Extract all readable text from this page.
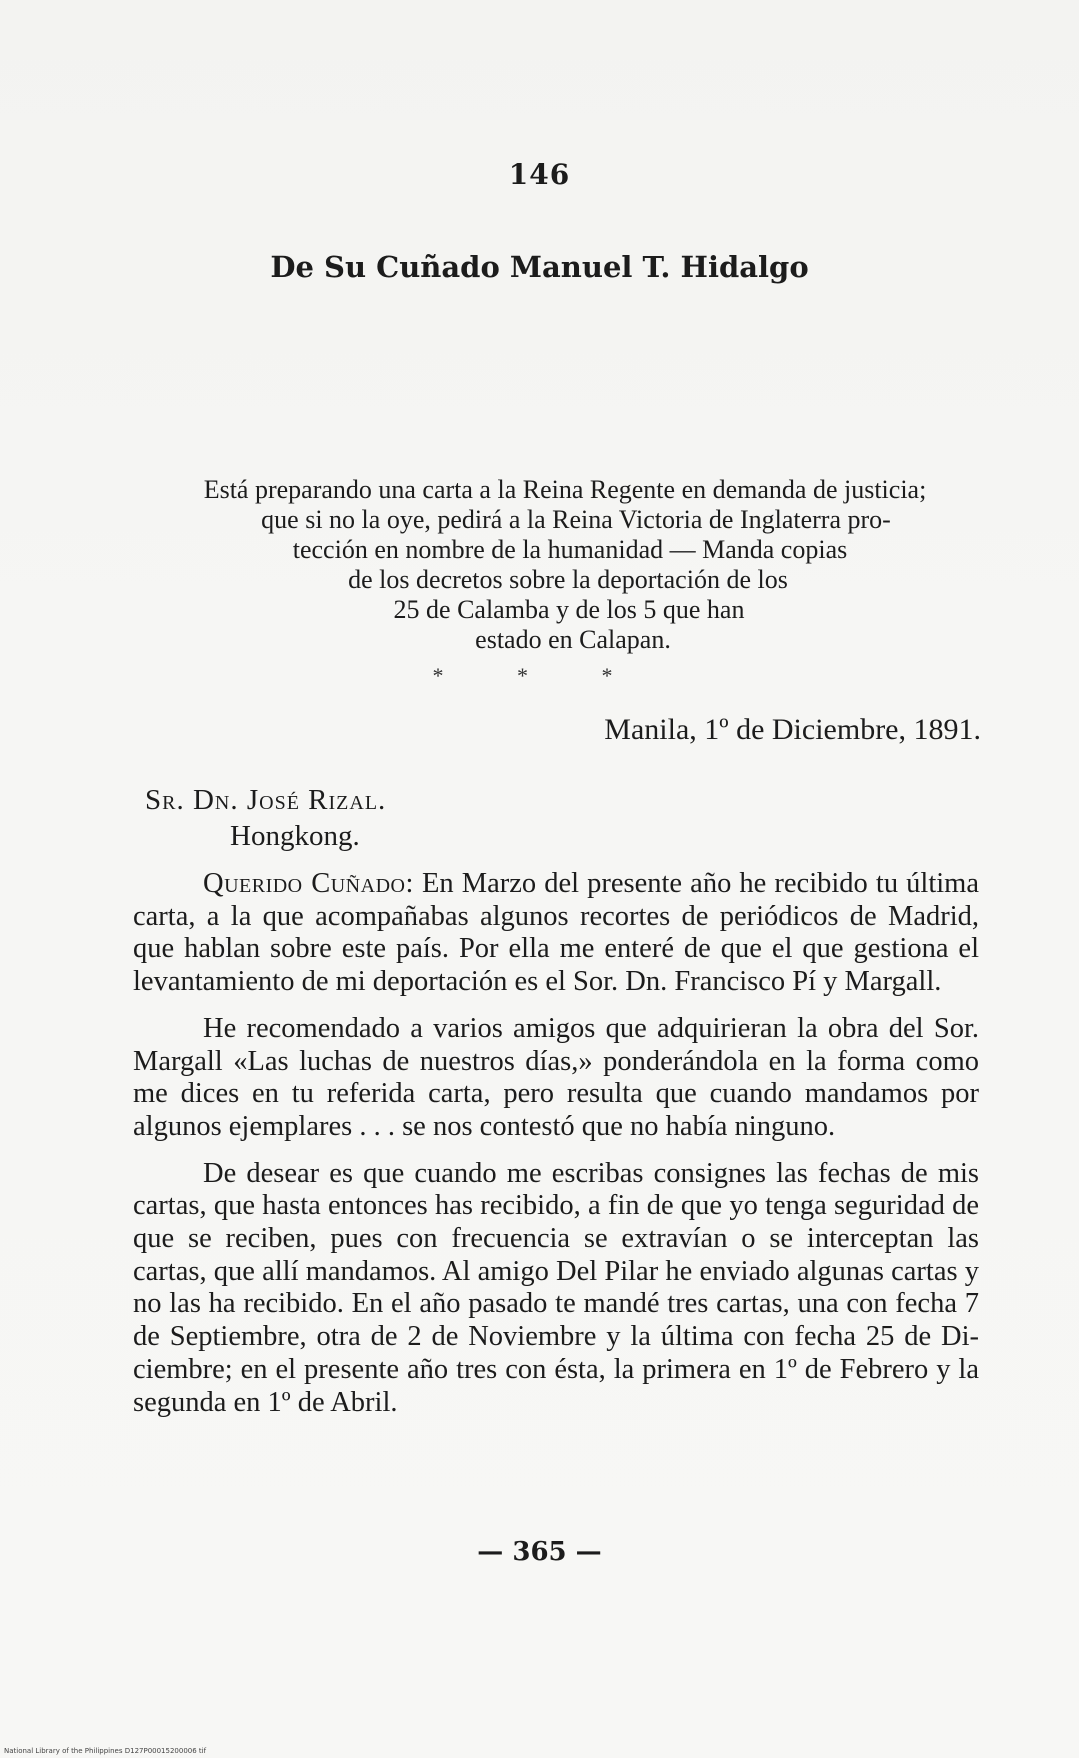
146
De Su Cuñado Manuel T. Hidalgo
Está preparando una carta a la Reina Regente en demanda de justicia;
que si no la oye, pedirá a la Reina Victoria de Inglaterra pro-
tección en nombre de la humanidad — Manda copias
de los decretos sobre la deportación de los
25 de Calamba y de los 5 que han
estado en Calapan.
* * *
Manila, 1º de Diciembre, 1891.
Sr. Dn. José Rizal.
Hongkong.

Querido Cuñado: En Marzo del presente año he recibido tu última carta, a la que acompañabas algunos recortes de periódicos de Madrid, que hablan sobre este país. Por ella me enteré de que el que gestiona el levantamiento de mi deportación es el Sor. Dn. Francisco Pí y Margall.

He recomendado a varios amigos que adquirieran la obra del Sor. Margall «Las luchas de nuestros días,» ponderándola en la forma como me dices en tu referida carta, pero resulta que cuando mandamos por algunos ejemplares . . . se nos contestó que no había ninguno.

De desear es que cuando me escribas consignes las fechas de mis cartas, que hasta entonces has recibido, a fin de que yo tenga seguridad de que se reciben, pues con frecuencia se extravían o se interceptan las cartas, que allí mandamos. Al amigo Del Pilar he enviado algunas cartas y no las ha recibido. En el año pasado te mandé tres cartas, una con fecha 7 de Septiembre, otra de 2 de Noviembre y la última con fecha 25 de Diciembre; en el presente año tres con ésta, la primera en 1º de Febrero y la segunda en 1º de Abril.

— 365 —
National Library of the Philippines D127P00015200006 tif
